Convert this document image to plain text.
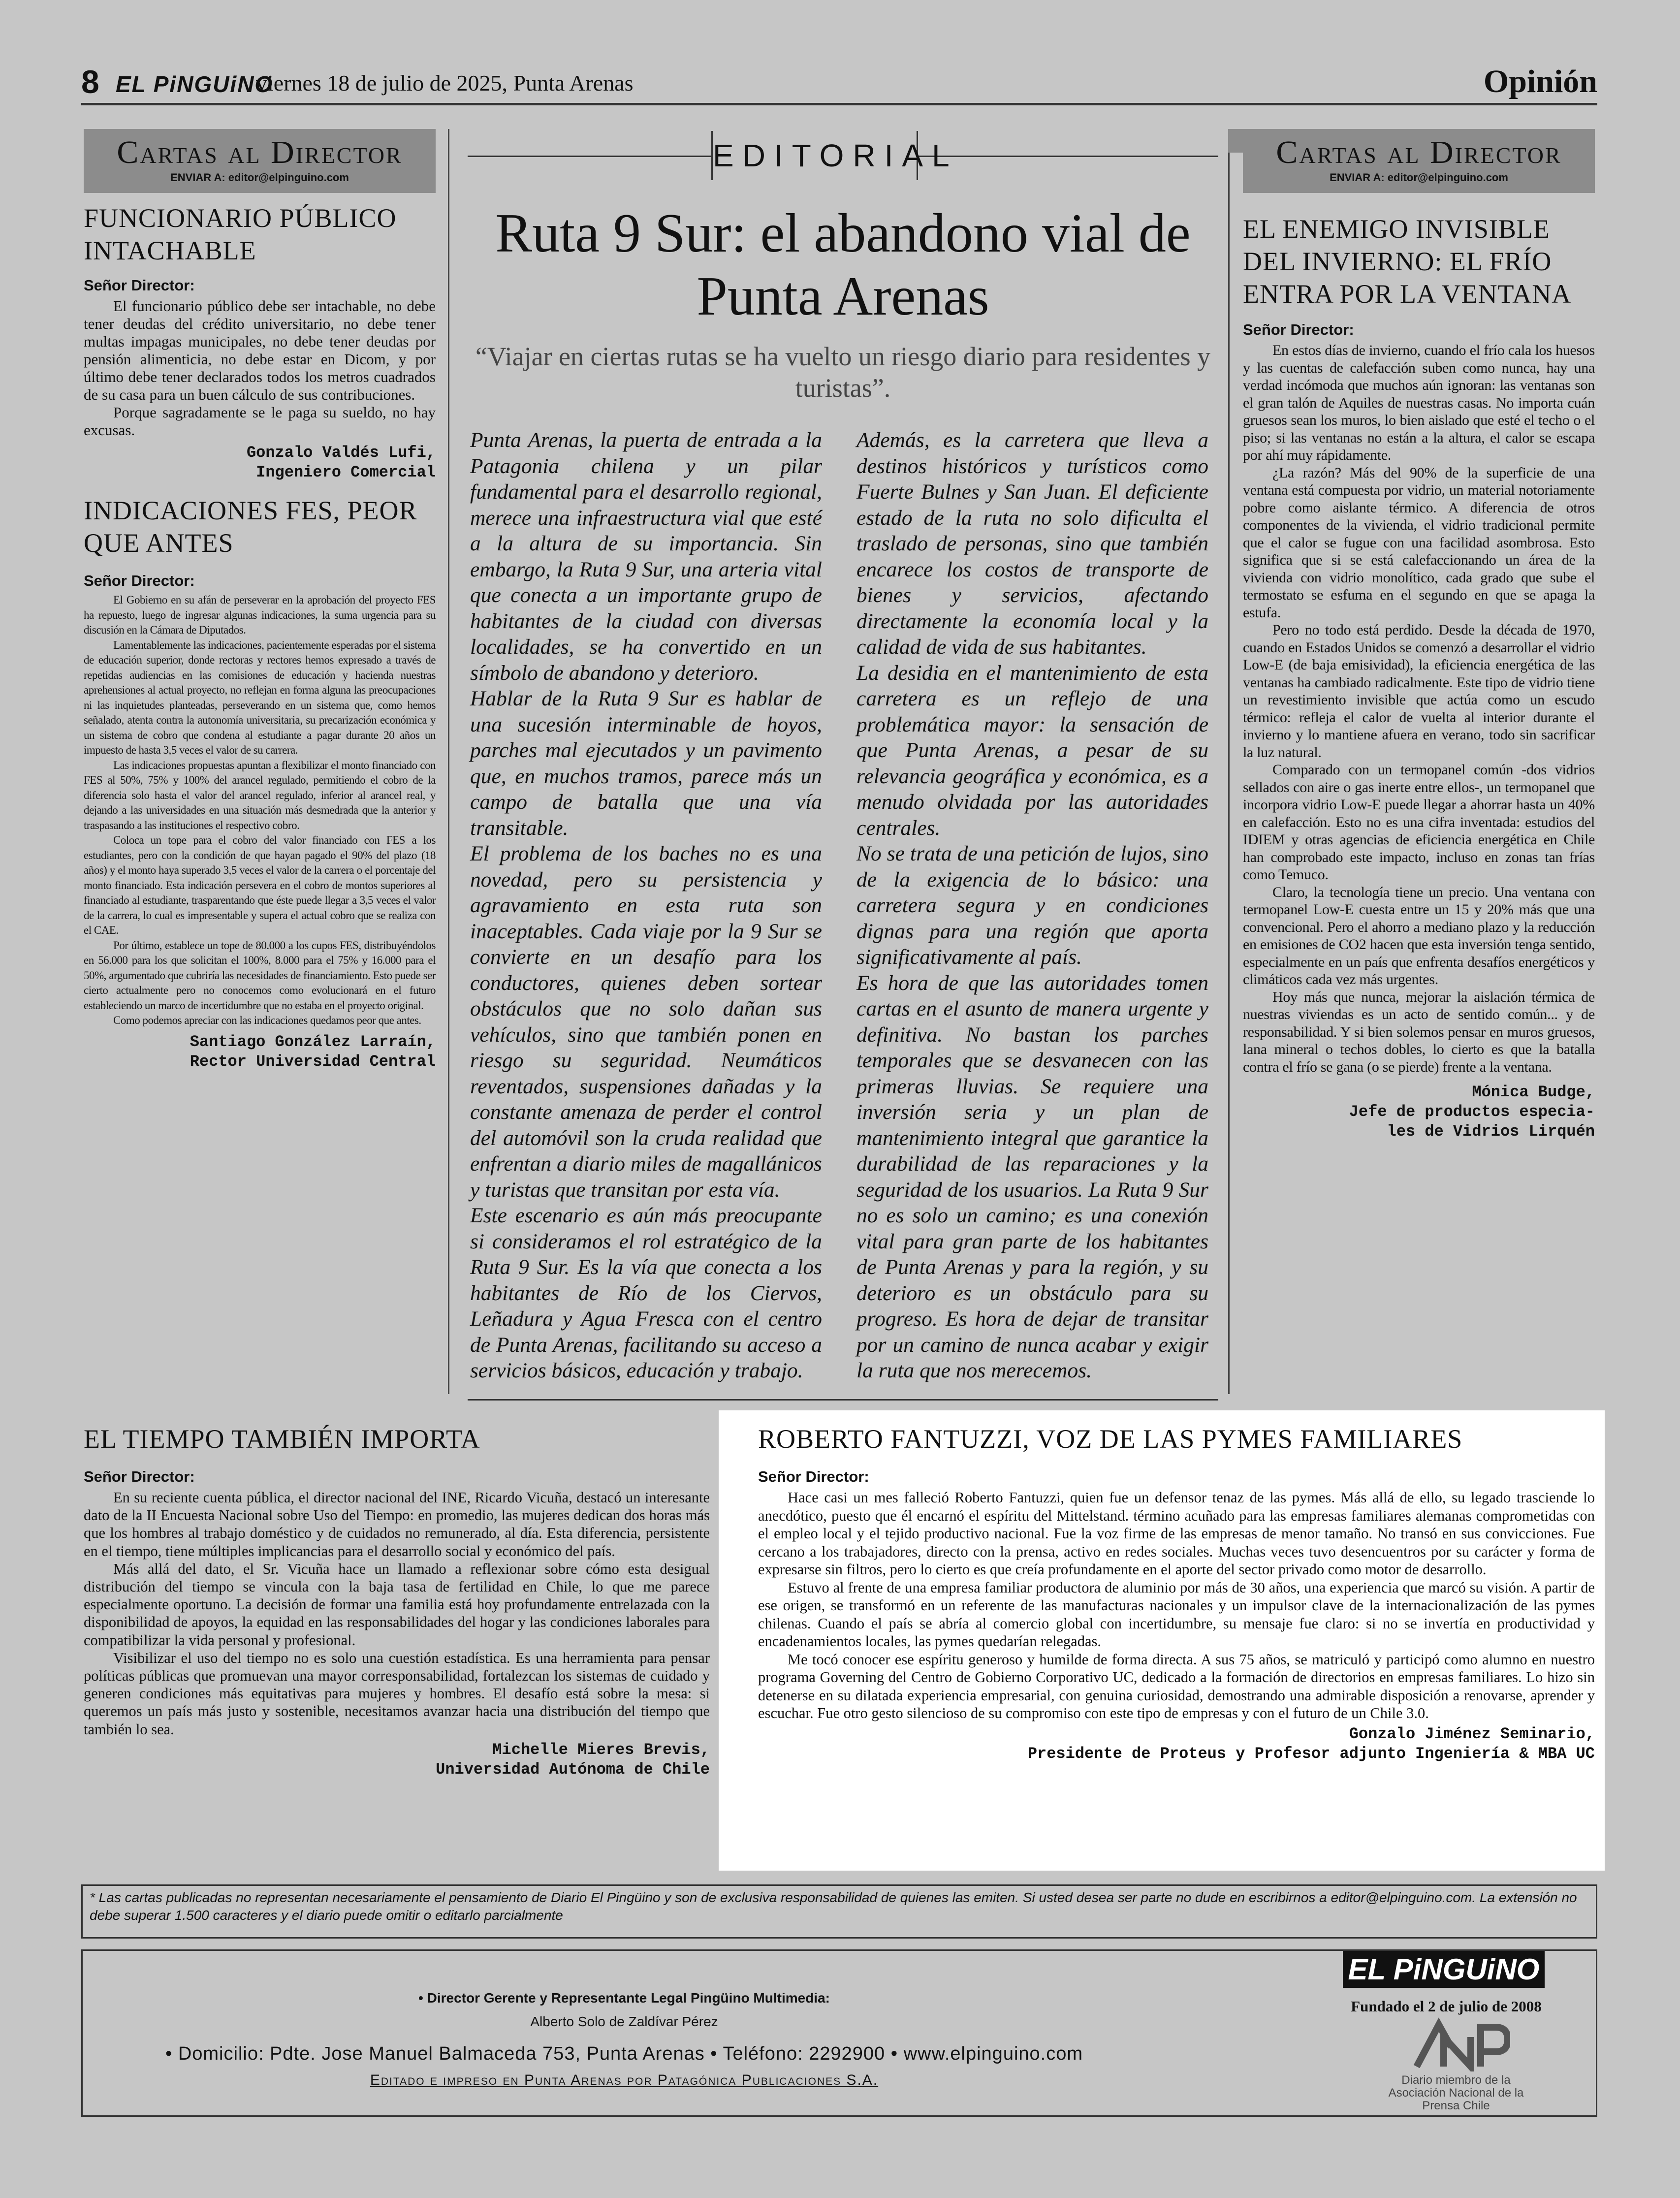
8 EL PiNGUiNO
viernes 18 de julio de 2025, Punta Arenas	Opinión
Cartas al Director
ENVIAR A: editor@elpinguino.com
FUNCIONARIO PÚBLICO INTACHABLE
Señor Director:

El funcionario público debe ser intachable, no debe tener deudas del crédito universitario, no debe tener multas impagas municipales, no debe tener deudas por pensión alimenticia, no debe estar en Dicom, y por último debe tener declarados todos los metros cuadrados de su casa para un buen cálculo de sus contribuciones.

Porque sagradamente se le paga su sueldo, no hay excusas.

Gonzalo Valdés Lufi,
Ingeniero Comercial
INDICACIONES FES, PEOR QUE ANTES
Señor Director:

El Gobierno en su afán de perseverar en la aprobación del proyecto FES ha repuesto, luego de ingresar algunas indicaciones, la suma urgencia para su discusión en la Cámara de Diputados.

Lamentablemente las indicaciones, pacientemente esperadas por el sistema de educación superior, donde rectoras y rectores hemos expresado a través de repetidas audiencias en las comisiones de educación y hacienda nuestras aprehensiones al actual proyecto, no reflejan en forma alguna las preocupaciones ni las inquietudes planteadas, perseverando en un sistema que, como hemos señalado, atenta contra la autonomía universitaria, su precarización económica y un sistema de cobro que condena al estudiante a pagar durante 20 años un impuesto de hasta 3,5 veces el valor de su carrera.

Las indicaciones propuestas apuntan a flexibilizar el monto financiado con FES al 50%, 75% y 100% del arancel regulado, permitiendo el cobro de la diferencia solo hasta el valor del arancel regulado, inferior al arancel real, y dejando a las universidades en una situación más desmedrada que la anterior y traspasando a las instituciones el respectivo cobro.

Coloca un tope para el cobro del valor financiado con FES a los estudiantes, pero con la condición de que hayan pagado el 90% del plazo (18 años) y el monto haya superado 3,5 veces el valor de la carrera o el porcentaje del monto financiado. Esta indicación persevera en el cobro de montos superiores al financiado al estudiante, trasparentando que éste puede llegar a 3,5 veces el valor de la carrera, lo cual es impresentable y supera el actual cobro que se realiza con el CAE.

Por último, establece un tope de 80.000 a los cupos FES, distribuyéndolos en 56.000 para los que solicitan el 100%, 8.000 para el 75% y 16.000 para el 50%, argumentado que cubriría las necesidades de financiamiento. Esto puede ser cierto actualmente pero no conocemos como evolucionará en el futuro estableciendo un marco de incertidumbre que no estaba en el proyecto original.

Como podemos apreciar con las indicaciones quedamos peor que antes.

Santiago González Larraín,
Rector Universidad Central
EDITORIAL
Ruta 9 Sur: el abandono vial de Punta Arenas
“Viajar en ciertas rutas se ha vuelto un riesgo diario para residentes y turistas”.

Punta Arenas, la puerta de entrada a la Patagonia chilena y un pilar fundamental para el desarrollo regional, merece una infraestructura vial que esté a la altura de su importancia. Sin embargo, la Ruta 9 Sur, una arteria vital que conecta a un importante grupo de habitantes de la ciudad con diversas localidades, se ha convertido en un símbolo de abandono y deterioro.

Hablar de la Ruta 9 Sur es hablar de una sucesión interminable de hoyos, parches mal ejecutados y un pavimento que, en muchos tramos, parece más un campo de batalla que una vía transitable.

El problema de los baches no es una novedad, pero su persistencia y agravamiento en esta ruta son inaceptables. Cada viaje por la 9 Sur se convierte en un desafío para los conductores, quienes deben sortear obstáculos que no solo dañan sus vehículos, sino que también ponen en riesgo su seguridad. Neumáticos reventados, suspensiones dañadas y la constante amenaza de perder el control del automóvil son la cruda realidad que enfrentan a diario miles de magallánicos y turistas que transitan por esta vía.

Este escenario es aún más preocupante si consideramos el rol estratégico de la Ruta 9 Sur. Es la vía que conecta a los habitantes de Río de los Ciervos, Leñadura y Agua Fresca con el centro de Punta Arenas, facilitando su acceso a servicios básicos, educación y trabajo.

Además, es la carretera que lleva a destinos históricos y turísticos como Fuerte Bulnes y San Juan. El deficiente estado de la ruta no solo dificulta el traslado de personas, sino que también encarece los costos de transporte de bienes y servicios, afectando directamente la economía local y la calidad de vida de sus habitantes.

La desidia en el mantenimiento de esta carretera es un reflejo de una problemática mayor: la sensación de que Punta Arenas, a pesar de su relevancia geográfica y económica, es a menudo olvidada por las autoridades centrales.

No se trata de una petición de lujos, sino de la exigencia de lo básico: una carretera segura y en condiciones dignas para una región que aporta significativamente al país.

Es hora de que las autoridades tomen cartas en el asunto de manera urgente y definitiva. No bastan los parches temporales que se desvanecen con las primeras lluvias. Se requiere una inversión seria y un plan de mantenimiento integral que garantice la durabilidad de las reparaciones y la seguridad de los usuarios. La Ruta 9 Sur no es solo un camino; es una conexión vital para gran parte de los habitantes de Punta Arenas y para la región, y su deterioro es un obstáculo para su progreso. Es hora de dejar de transitar por un camino de nunca acabar y exigir la ruta que nos merecemos.

Cartas al Director
ENVIAR A: editor@elpinguino.com
EL ENEMIGO INVISIBLE DEL INVIERNO: EL FRÍO ENTRA POR LA VENTANA
Señor Director:

En estos días de invierno, cuando el frío cala los huesos y las cuentas de calefacción suben como nunca, hay una verdad incómoda que muchos aún ignoran: las ventanas son el gran talón de Aquiles de nuestras casas. No importa cuán gruesos sean los muros, lo bien aislado que esté el techo o el piso; si las ventanas no están a la altura, el calor se escapa por ahí muy rápidamente.

¿La razón? Más del 90% de la superficie de una ventana está compuesta por vidrio, un material notoriamente pobre como aislante térmico. A diferencia de otros componentes de la vivienda, el vidrio tradicional permite que el calor se fugue con una facilidad asombrosa. Esto significa que si se está calefaccionando un área de la vivienda con vidrio monolítico, cada grado que sube el termostato se esfuma en el segundo en que se apaga la estufa.

Pero no todo está perdido. Desde la década de 1970, cuando en Estados Unidos se comenzó a desarrollar el vidrio Low-E (de baja emisividad), la eficiencia energética de las ventanas ha cambiado radicalmente. Este tipo de vidrio tiene un revestimiento invisible que actúa como un escudo térmico: refleja el calor de vuelta al interior durante el invierno y lo mantiene afuera en verano, todo sin sacrificar la luz natural.

Comparado con un termopanel común -dos vidrios sellados con aire o gas inerte entre ellos-, un termopanel que incorpora vidrio Low-E puede llegar a ahorrar hasta un 40% en calefacción. Esto no es una cifra inventada: estudios del IDIEM y otras agencias de eficiencia energética en Chile han comprobado este impacto, incluso en zonas tan frías como Temuco.

Claro, la tecnología tiene un precio. Una ventana con termopanel Low-E cuesta entre un 15 y 20% más que una convencional. Pero el ahorro a mediano plazo y la reducción en emisiones de CO2 hacen que esta inversión tenga sentido, especialmente en un país que enfrenta desafíos energéticos y climáticos cada vez más urgentes.

Hoy más que nunca, mejorar la aislación térmica de nuestras viviendas es un acto de sentido común... y de responsabilidad. Y si bien solemos pensar en muros gruesos, lana mineral o techos dobles, lo cierto es que la batalla contra el frío se gana (o se pierde) frente a la ventana.

Mónica Budge,
Jefe de productos especia-
les de Vidrios Lirquén
EL TIEMPO TAMBIÉN IMPORTA
Señor Director:

En su reciente cuenta pública, el director nacional del INE, Ricardo Vicuña, destacó un interesante dato de la II Encuesta Nacional sobre Uso del Tiempo: en promedio, las mujeres dedican dos horas más que los hombres al trabajo doméstico y de cuidados no remunerado, al día. Esta diferencia, persistente en el tiempo, tiene múltiples implicancias para el desarrollo social y económico del país.

Más allá del dato, el Sr. Vicuña hace un llamado a reflexionar sobre cómo esta desigual distribución del tiempo se vincula con la baja tasa de fertilidad en Chile, lo que me parece especialmente oportuno. La decisión de formar una familia está hoy profundamente entrelazada con la disponibilidad de apoyos, la equidad en las responsabilidades del hogar y las condiciones laborales para compatibilizar la vida personal y profesional.

Visibilizar el uso del tiempo no es solo una cuestión estadística. Es una herramienta para pensar políticas públicas que promuevan una mayor corresponsabilidad, fortalezcan los sistemas de cuidado y generen condiciones más equitativas para mujeres y hombres. El desafío está sobre la mesa: si queremos un país más justo y sostenible, necesitamos avanzar hacia una distribución del tiempo que también lo sea.

Michelle Mieres Brevis,
Universidad Autónoma de Chile
ROBERTO FANTUZZI, VOZ DE LAS PYMES FAMILIARES
Señor Director:

Hace casi un mes falleció Roberto Fantuzzi, quien fue un defensor tenaz de las pymes. Más allá de ello, su legado trasciende lo anecdótico, puesto que él encarnó el espíritu del Mittelstand. término acuñado para las empresas familiares alemanas comprometidas con el empleo local y el tejido productivo nacional. Fue la voz firme de las empresas de menor tamaño. No transó en sus convicciones. Fue cercano a los trabajadores, directo con la prensa, activo en redes sociales. Muchas veces tuvo desencuentros por su carácter y forma de expresarse sin filtros, pero lo cierto es que creía profundamente en el aporte del sector privado como motor de desarrollo.

Estuvo al frente de una empresa familiar productora de aluminio por más de 30 años, una experiencia que marcó su visión. A partir de ese origen, se transformó en un referente de las manufacturas nacionales y un impulsor clave de la internacionalización de las pymes chilenas. Cuando el país se abría al comercio global con incertidumbre, su mensaje fue claro: si no se invertía en productividad y encadenamientos locales, las pymes quedarían relegadas.

Me tocó conocer ese espíritu generoso y humilde de forma directa. A sus 75 años, se matriculó y participó como alumno en nuestro programa Governing del Centro de Gobierno Corporativo UC, dedicado a la formación de directorios en empresas familiares. Lo hizo sin detenerse en su dilatada experiencia empresarial, con genuina curiosidad, demostrando una admirable disposición a renovarse, aprender y escuchar. Fue otro gesto silencioso de su compromiso con este tipo de empresas y con el futuro de un Chile 3.0.

Gonzalo Jiménez Seminario,
Presidente de Proteus y Profesor adjunto Ingeniería & MBA UC
* Las cartas publicadas no representan necesariamente el pensamiento de Diario El Pingüino y son de exclusiva responsabilidad de quienes las emiten. Si usted desea ser parte no dude en escribirnos a editor@elpinguino.com. La extensión no debe superar 1.500 caracteres y el diario puede omitir o editarlo parcialmente
• Director Gerente y Representante Legal Pingüino Multimedia:
Alberto Solo de Zaldívar Pérez
• Domicilio: Pdte. Jose Manuel Balmaceda 753, Punta Arenas • Teléfono: 2292900 • www.elpinguino.com
Editado e impreso en Punta Arenas por Patagónica Publicaciones S.A.
EL PiNGUiNO
Fundado el 2 de julio de 2008
ANP
Diario miembro de la Asociación Nacional de la Prensa Chile
